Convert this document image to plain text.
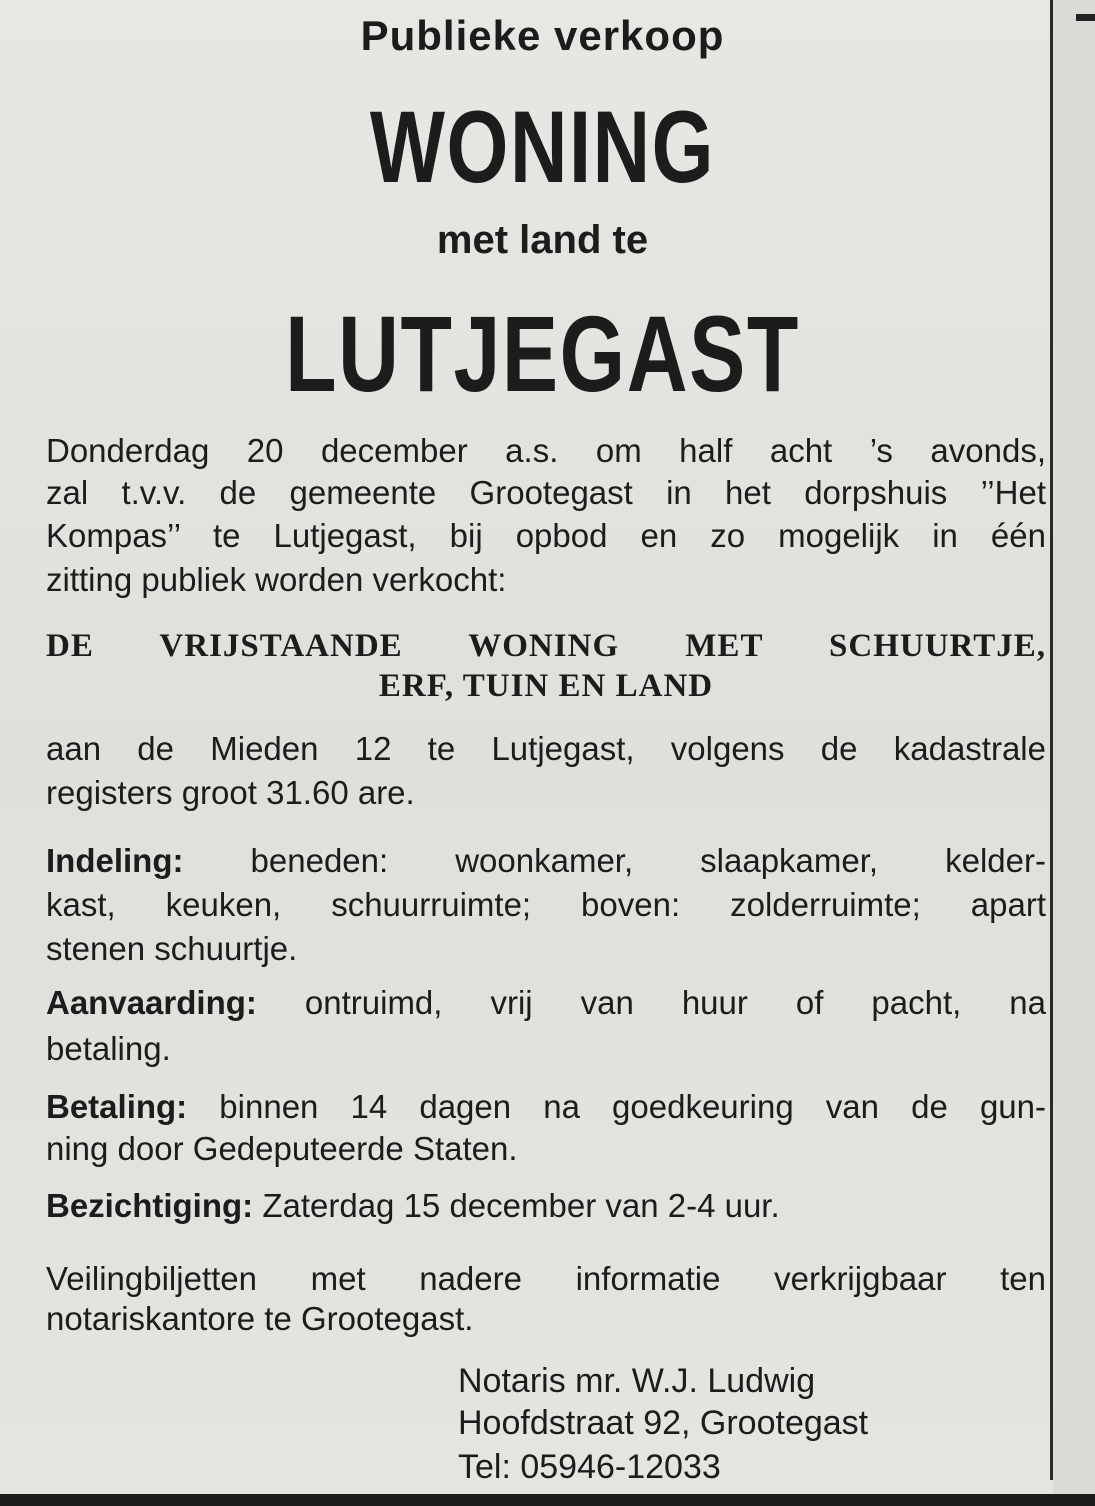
Publieke verkoop
WONING
met land te
LUTJEGAST
Donderdag 20 december a.s. om half acht ’s avonds,
zal t.v.v. de gemeente Grootegast in het dorpshuis ’’Het
Kompas’’ te Lutjegast, bij opbod en zo mogelijk in één
zitting publiek worden verkocht:
DE VRIJSTAANDE WONING MET SCHUURTJE,
ERF, TUIN EN LAND
aan de Mieden 12 te Lutjegast, volgens de kadastrale
registers groot 31.60 are.
Indeling: beneden: woonkamer, slaapkamer, kelder-
kast, keuken, schuurruimte; boven: zolderruimte; apart
stenen schuurtje.
Aanvaarding: ontruimd, vrij van huur of pacht, na
betaling.
Betaling: binnen 14 dagen na goedkeuring van de gun-
ning door Gedeputeerde Staten.
Bezichtiging: Zaterdag 15 december van 2-4 uur.
Veilingbiljetten met nadere informatie verkrijgbaar ten
notariskantore te Grootegast.
Notaris mr. W.J. Ludwig
Hoofdstraat 92, Grootegast
Tel: 05946-12033
